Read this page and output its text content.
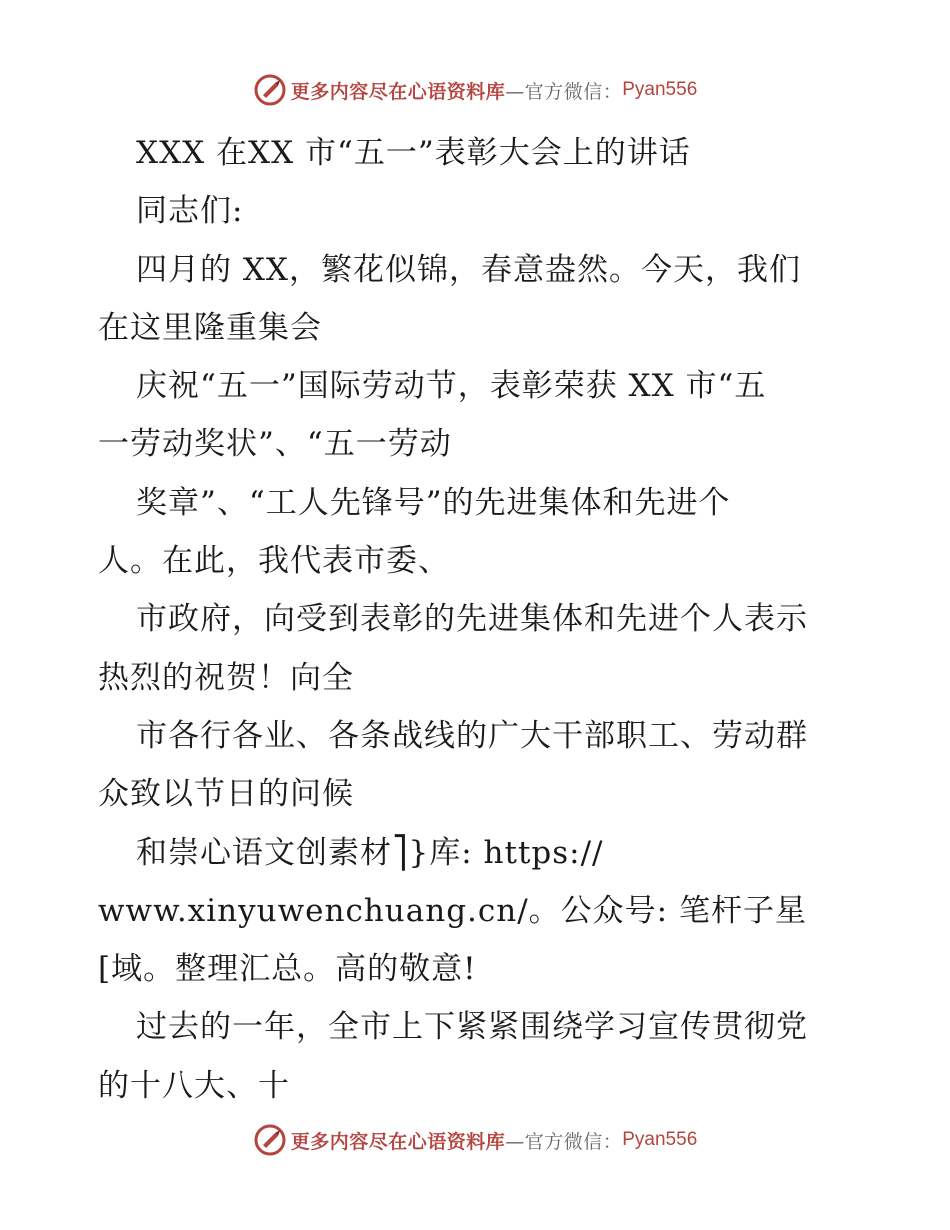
更多内容尽在心语资料库 —官方微信： Pyan556
XXX 在XX 市“五一”表彰大会上的讲话
同志们:
四月的 XX，繁花似锦，春意盎然。今天，我们
在这里隆重集会
庆祝“五一”国际劳动节，表彰荣获 XX 市“五
一劳动奖状”、“五一劳动
奖章”、“工人先锋号”的先进集体和先进个
人。在此，我代表市委、
市政府，向受到表彰的先进集体和先进个人表示
热烈的祝贺！向全
市各行各业、各条战线的广大干部职工、劳动群
众致以节日的问候
和崇心语文创素材⎤}库: https://
www.xinyuwenchuang.cn/。公众号: 笔杆子星
[域。整理汇总。高的敬意!
过去的一年，全市上下紧紧围绕学习宣传贯彻党
的十八大、十
更多内容尽在心语资料库 —官方微信： Pyan556
